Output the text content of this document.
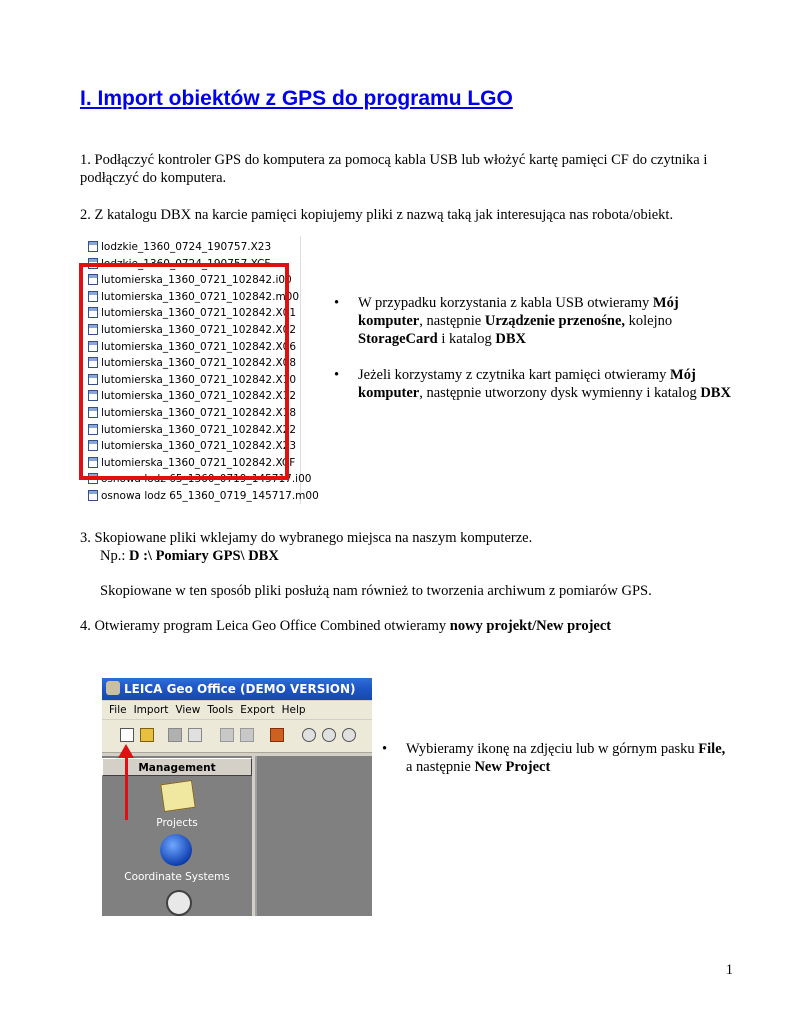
I. Import obiektów z GPS do programu LGO
1. Podłączyć kontroler GPS do komputera za pomocą kabla USB lub włożyć kartę pamięci CF do czytnika i podłączyć do komputera.
2. Z katalogu DBX na karcie pamięci kopiujemy pliki z nazwą taką jak interesująca nas robota/obiekt.
lodzkie_1360_0724_190757.X23
lutomierska_1360_0721_102842.i00
lutomierska_1360_0721_102842.m00
lutomierska_1360_0721_102842.X01
lutomierska_1360_0721_102842.X02
lutomierska_1360_0721_102842.X06
lutomierska_1360_0721_102842.X08
lutomierska_1360_0721_102842.X10
lutomierska_1360_0721_102842.X12
lutomierska_1360_0721_102842.X18
lutomierska_1360_0721_102842.X22
lutomierska_1360_0721_102842.X23
lutomierska_1360_0721_102842.XCF
osnowa lodz 65_1360_0719_145717.i00
osnowa lodz 65_1360_0719_145717.m00
• W przypadku korzystania z kabla USB otwieramy Mój komputer, następnie Urządzenie przenośne, kolejno StorageCard i katalog DBX
• Jeżeli korzystamy z czytnika kart pamięci otwieramy Mój komputer, następnie utworzony dysk wymienny i katalog DBX
3. Skopiowane pliki wklejamy do wybranego miejsca na naszym komputerze.
Np.: D :\ Pomiary GPS\ DBX
Skopiowane w ten sposób pliki posłużą nam również to tworzenia archiwum z pomiarów GPS.
4. Otwieramy program Leica Geo Office Combined otwieramy nowy projekt/New project
LEICA Geo Office (DEMO VERSION)
File Import View Tools Export Help
Management
Projects
Coordinate Systems
• Wybieramy ikonę na zdjęciu lub w górnym pasku File, a następnie New Project
1
